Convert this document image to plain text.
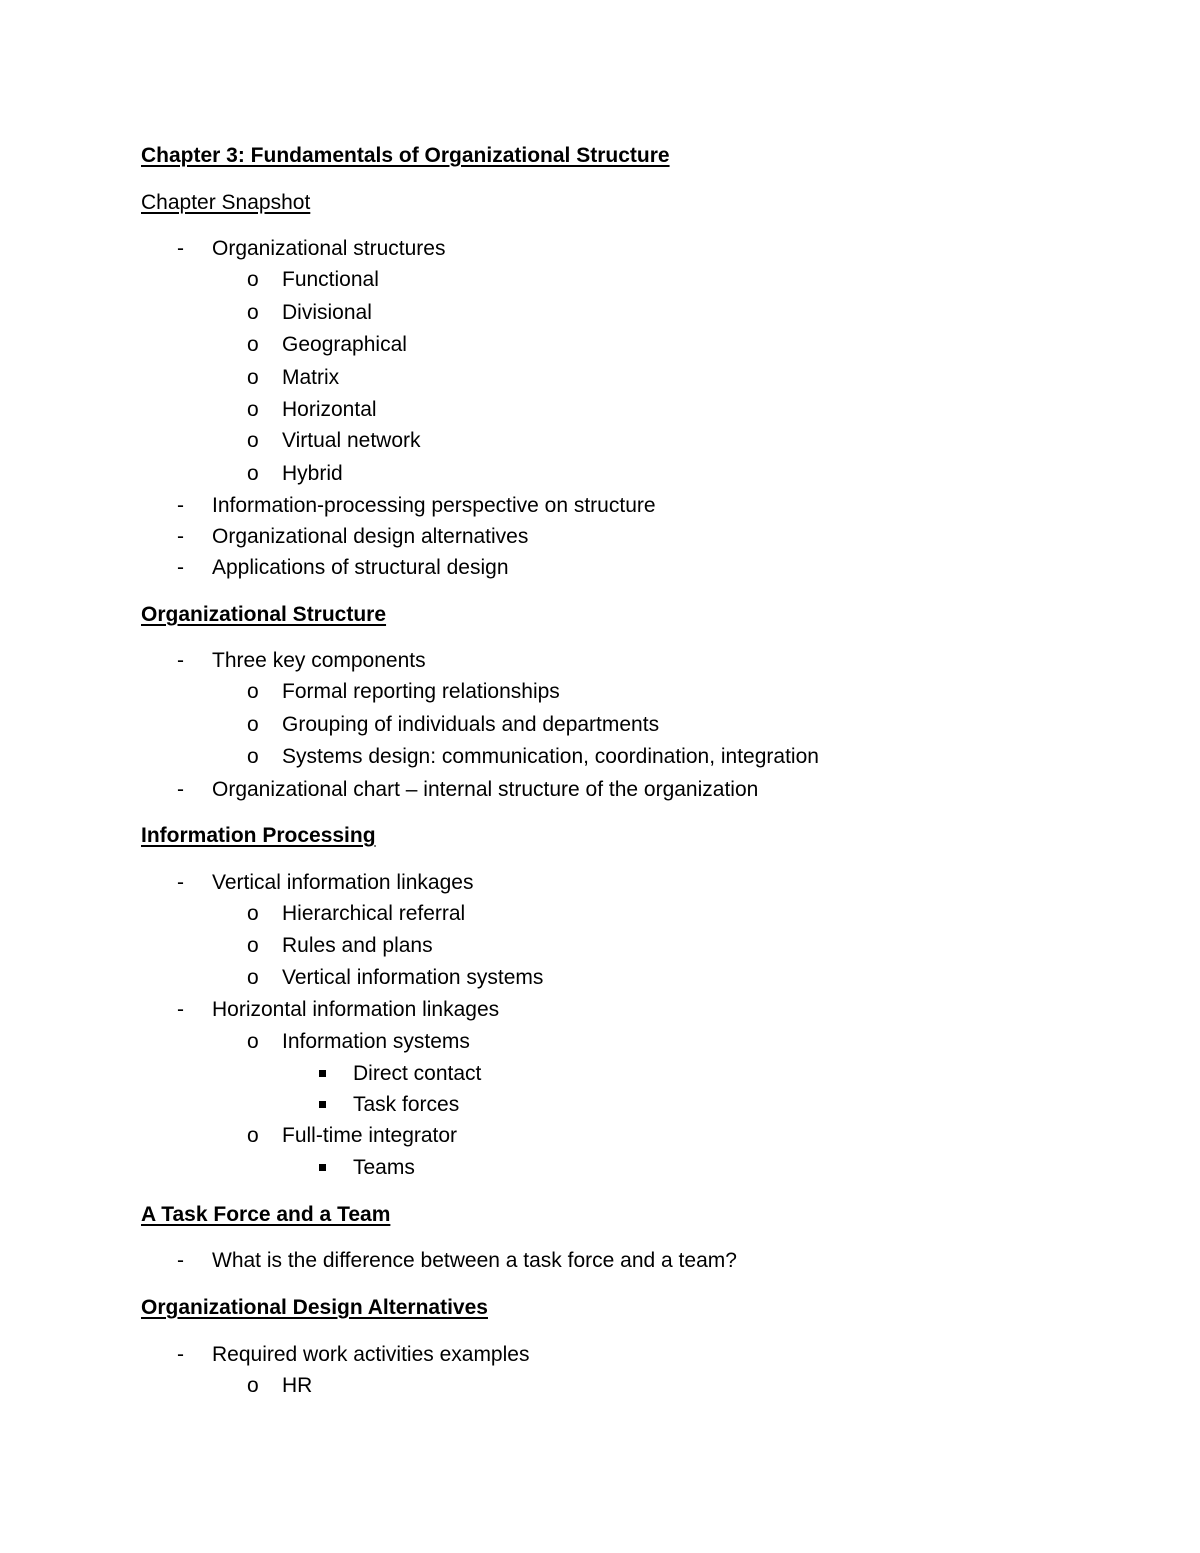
Chapter 3: Fundamentals of Organizational Structure
Chapter Snapshot
- Organizational structures
o Functional
o Divisional
o Geographical
o Matrix
o Horizontal
o Virtual network
o Hybrid
- Information-processing perspective on structure
- Organizational design alternatives
- Applications of structural design
Organizational Structure
- Three key components
o Formal reporting relationships
o Grouping of individuals and departments
o Systems design: communication, coordination, integration
- Organizational chart – internal structure of the organization
Information Processing
- Vertical information linkages
o Hierarchical referral
o Rules and plans
o Vertical information systems
- Horizontal information linkages
o Information systems
Direct contact
Task forces
o Full-time integrator
Teams
A Task Force and a Team
- What is the difference between a task force and a team?
Organizational Design Alternatives
- Required work activities examples
o HR
